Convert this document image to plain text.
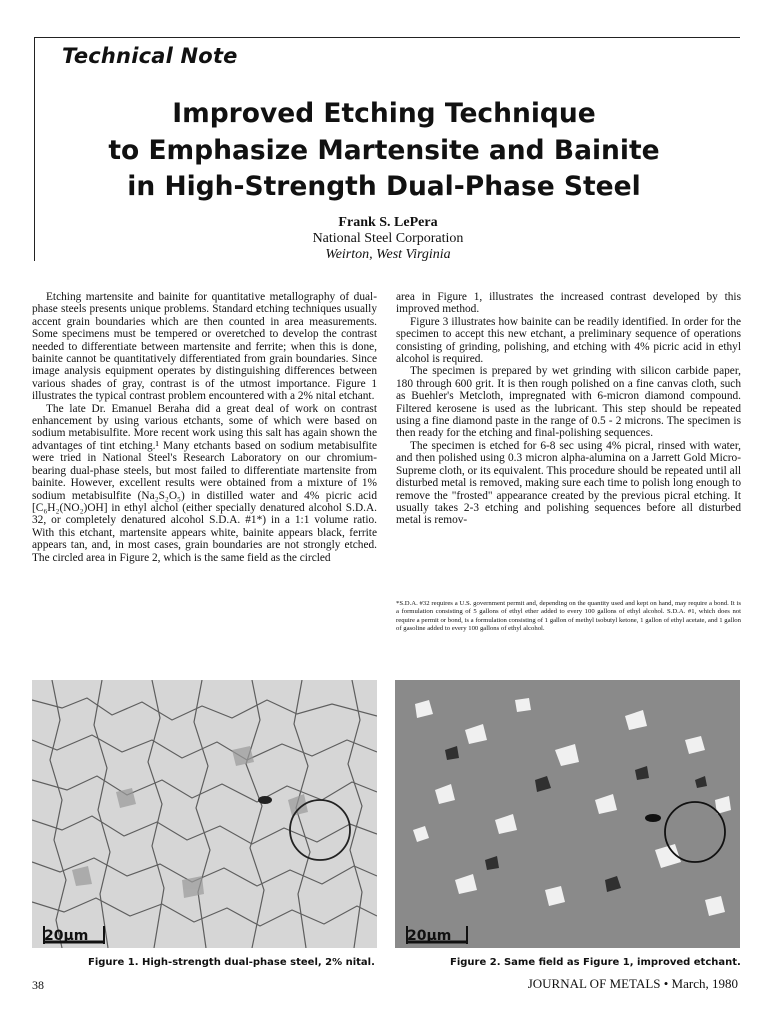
Technical Note
Improved Etching Technique
to Emphasize Martensite and Bainite
in High-Strength Dual-Phase Steel
Frank S. LePera
National Steel Corporation
Weirton, West Virginia

Etching martensite and bainite for quantitative metallography of dual-phase steels presents unique problems. Standard etching techniques usually accent grain boundaries which are then counted in area measurements. Some specimens must be tempered or overetched to develop the contrast needed to differentiate between martensite and ferrite; when this is done, bainite cannot be quantitatively differentiated from grain boundaries. Since image analysis equipment operates by distinguishing differences between various shades of gray, contrast is of the utmost importance. Figure 1 illustrates the typical contrast problem encountered with a 2% nital etchant.

The late Dr. Emanuel Beraha did a great deal of work on contrast enhancement by using various etchants, some of which were based on sodium metabisulfite. More recent work using this salt has again shown the advantages of tint etching.¹ Many etchants based on sodium metabisulfite were tried in National Steel's Research Laboratory on our chromium-bearing dual-phase steels, but most failed to differentiate martensite from bainite. However, excellent results were obtained from a mixture of 1% sodium metabisulfite (Na₂S₂O₅) in distilled water and 4% picric acid [C₆H₂(NO₂)OH] in ethyl alchol (either specially denatured alcohol S.D.A. 32, or completely denatured alcohol S.D.A. #1*) in a 1:1 volume ratio. With this etchant, martensite appears white, bainite appears black, ferrite appears tan, and, in most cases, grain boundaries are not strongly etched. The circled area in Figure 2, which is the same field as the circled

area in Figure 1, illustrates the increased contrast developed by this improved method.

Figure 3 illustrates how bainite can be readily identified. In order for the specimen to accept this new etchant, a preliminary sequence of operations consisting of grinding, polishing, and etching with 4% picric acid in ethyl alcohol is required.

The specimen is prepared by wet grinding with silicon carbide paper, 180 through 600 grit. It is then rough polished on a fine canvas cloth, such as Buehler's Metcloth, impregnated with 6-micron diamond compound. Filtered kerosene is used as the lubricant. This step should be repeated using a fine diamond paste in the range of 0.5 - 2 microns. The specimen is then ready for the etching and final-polishing sequences.

The specimen is etched for 6-8 sec using 4% picral, rinsed with water, and then polished using 0.3 micron alpha-alumina on a Jarrett Gold Micro-Supreme cloth, or its equivalent. This procedure should be repeated until all disturbed metal is removed, making sure each time to polish long enough to remove the "frosted" appearance created by the previous picral etching. It usually takes 2-3 etching and polishing sequences before all disturbed metal is remov-

*S.D.A. #32 requires a U.S. government permit and, depending on the quantity used and kept on hand, may require a bond. It is a formulation consisting of 5 gallons of ethyl ether added to every 100 gallons of ethyl alcohol. S.D.A. #1, which does not require a permit or bond, is a formulation consisting of 1 gallon of methyl isobutyl ketone, 1 gallon of ethyl acetate, and 1 gallon of gasoline added to every 100 gallons of ethyl alcohol.
20µm	20µm
Figure 1. High-strength dual-phase steel, 2% nital.	Figure 2. Same field as Figure 1, improved etchant.
38	JOURNAL OF METALS • March, 1980
